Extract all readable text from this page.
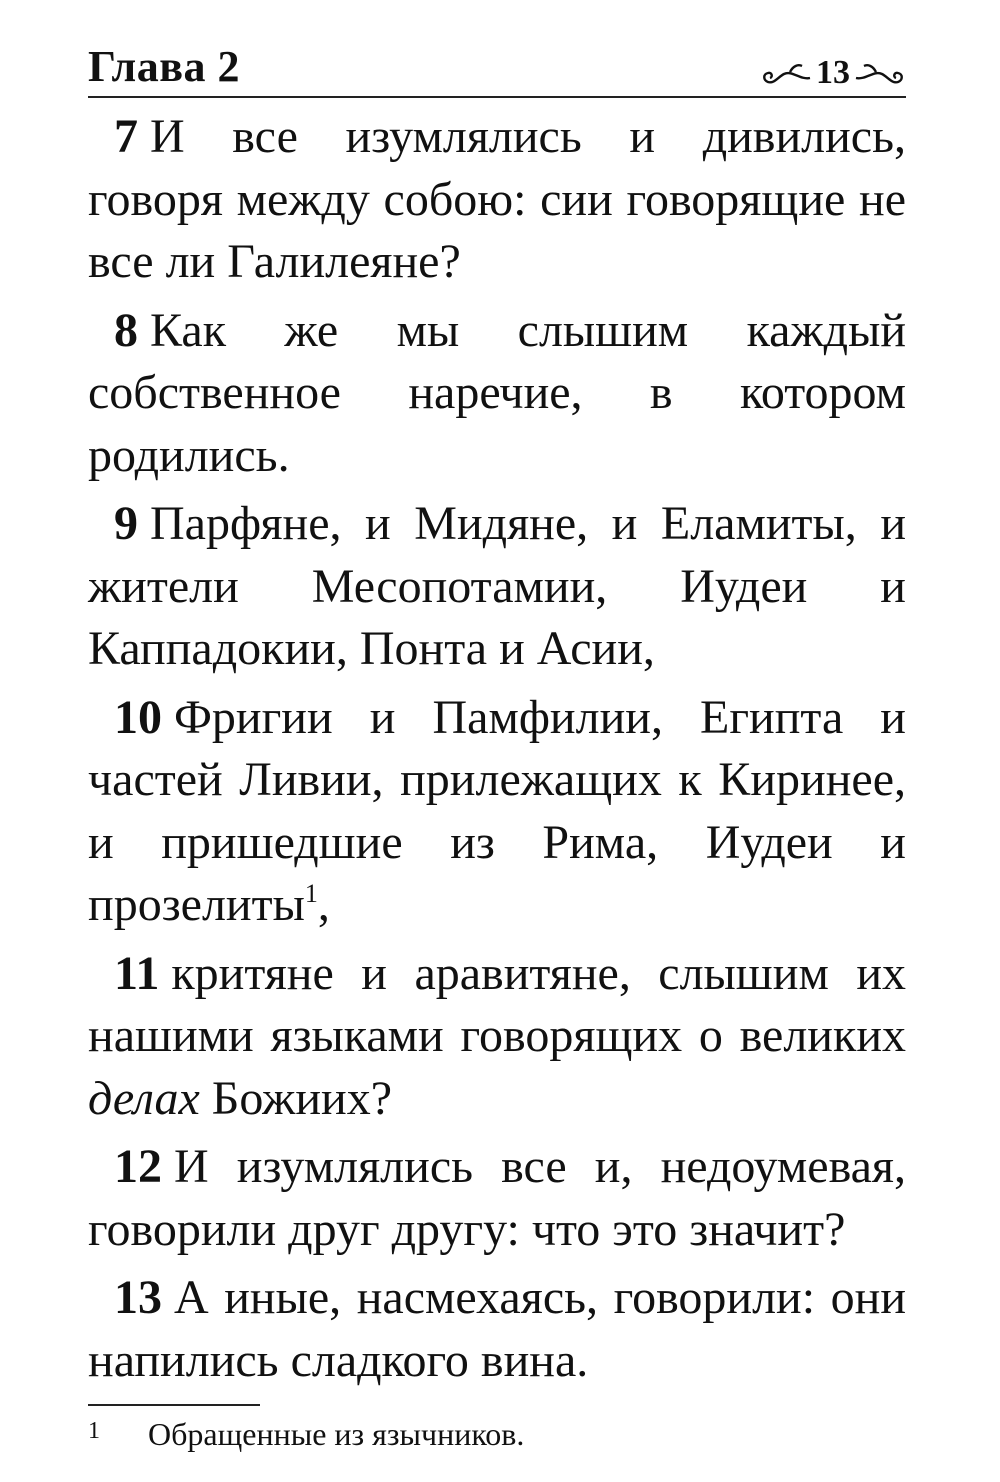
Глава 2	13

7 И все изумлялись и дивились, говоря между собою: сии говорящие не все ли Галилеяне?

8 Как же мы слышим каждый собственное наречие, в котором родились.

9 Парфяне, и Мидяне, и Еламиты, и жители Месопотамии, Иудеи и Каппадокии, Понта и Асии,

10 Фригии и Памфилии, Египта и частей Ливии, прилежащих к Киринее, и пришедшие из Рима, Иудеи и прозелиты$^1$,

11 критяне и аравитяне, слышим их нашими языками говорящих о великих делах Божиих?

12 И изумлялись все и, недоумевая, говорили друг другу: что это значит?

13 А иные, насмехаясь, говорили: они напились сладкого вина.

1	Обращенные из язычников.
